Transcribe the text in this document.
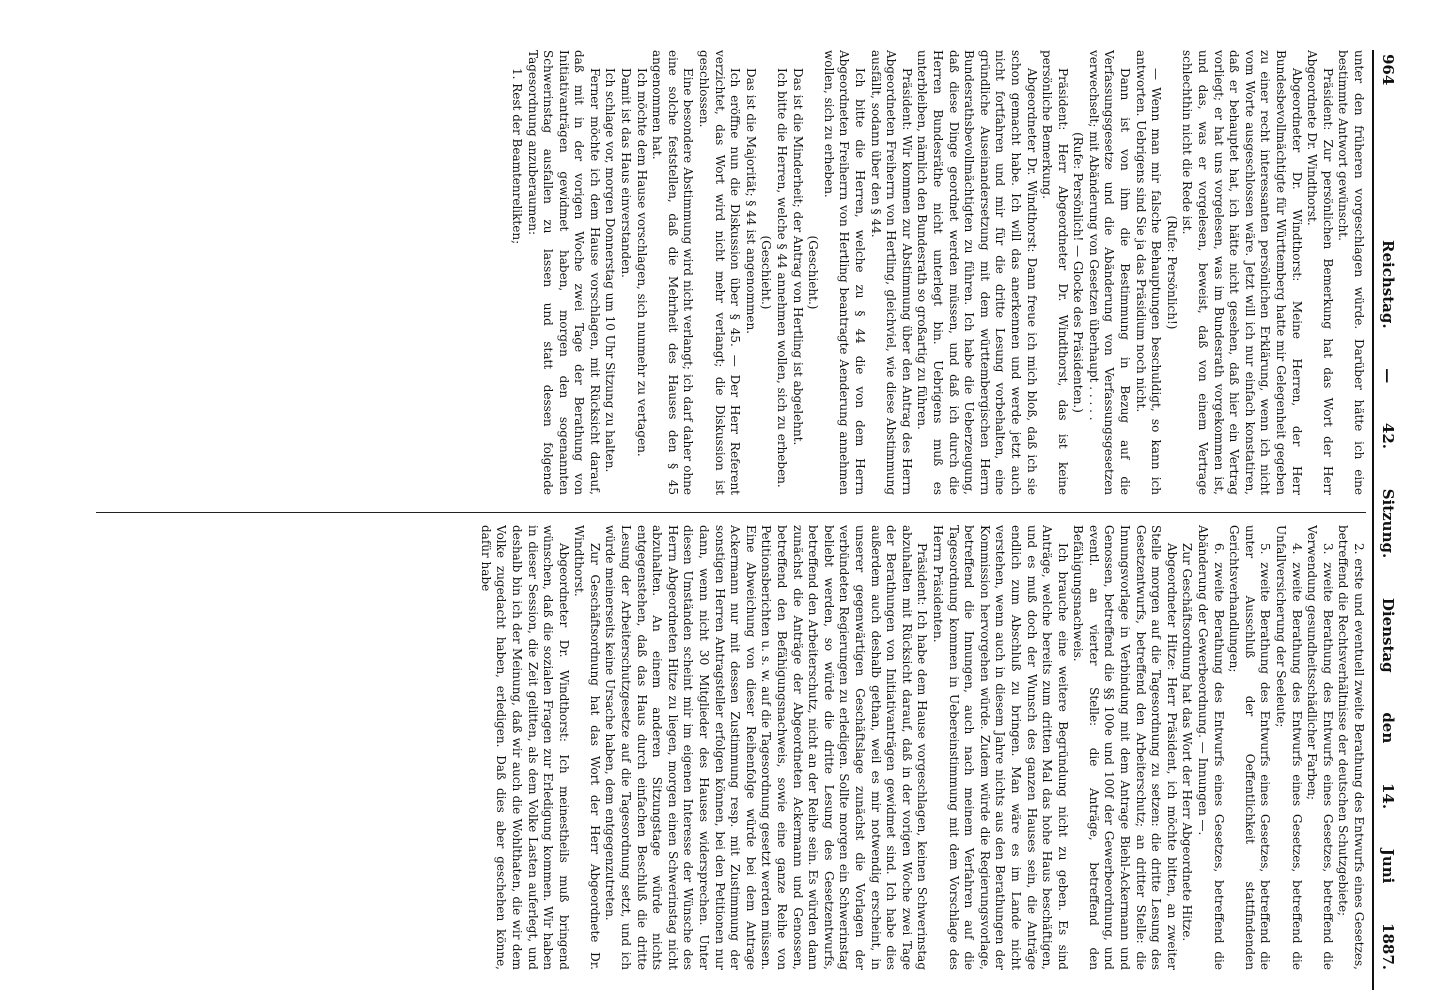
964
Reichstag. — 42. Sitzung. Dienstag den 14. Juni 1887.

unter den früheren vorgeschlagen würde. Darüber hätte ich eine bestimmte Antwort gewünscht.

Präsident: Zur persönlichen Bemerkung hat das Wort der Herr Abgeordnete Dr. Windthorst.

Abgeordneter Dr. Windthorst: Meine Herren, der Herr Bundesbevollmächtigte für Württemberg hatte mir Gelegenheit gegeben zu einer recht interessanten persönlichen Erklärung, wenn ich nicht vom Worte ausgeschlossen wäre. Jetzt will ich nur einfach konstatiren, daß er behauptet hat, ich hätte nicht gesehen, daß hier ein Vertrag vorliegt; er hat uns vorgelesen, was im Bundesrath vorgekommen ist, und das, was er vorgelesen, beweist, daß von einem Vertrage schlechthin nicht die Rede ist.

(Rufe: Persönlich!)

— Wenn man mir falsche Behauptungen beschuldigt, so kann ich antworten. Uebrigens sind Sie ja das Präsidium noch nicht.

Dann ist von ihm die Bestimmung in Bezug auf die Verfassungsgesetze und die Abänderung von Verfassungsgesetzen verwechselt; mit Abänderung von Gesetzen überhaupt . . . . .

(Rufe: Persönlich! — Glocke des Präsidenten.)

Präsident: Herr Abgeordneter Dr. Windthorst, das ist keine persönliche Bemerkung.

Abgeordneter Dr. Windthorst: Dann freue ich mich bloß, daß ich sie schon gemacht habe. Ich will das anerkennen und werde jetzt auch nicht fortfahren und mir für die dritte Lesung vorbehalten, eine gründliche Auseinandersetzung mit dem württembergischen Herrn Bundesrathsbevollmächtigten zu führen. Ich habe die Ueberzeugung, daß diese Dinge geordnet werden müssen, und daß ich durch die Herren Bundesräthe nicht unterlegt bin. Uebrigens muß es unterbleiben, nämlich den Bundesrath so großartig zu führen.

Präsident: Wir kommen zur Abstimmung über den Antrag des Herrn Abgeordneten Freiherrn von Hertling, gleichviel, wie diese Abstimmung ausfällt, sodann über den § 44.

Ich bitte die Herren, welche zu § 44 die von dem Herrn Abgeordneten Freiherrn von Hertling beantragte Aenderung annehmen wollen, sich zu erheben.

(Geschieht.)

Das ist die Minderheit; der Antrag von Hertling ist abgelehnt.

Ich bitte die Herren, welche § 44 annehmen wollen, sich zu erheben.

(Geschieht.)

Das ist die Majorität; § 44 ist angenommen.

Ich eröffne nun die Diskussion über § 45. — Der Herr Referent verzichtet, das Wort wird nicht mehr verlangt; die Diskussion ist geschlossen.

Eine besondere Abstimmung wird nicht verlangt; ich darf daher ohne eine solche feststellen, daß die Mehrheit des Hauses den § 45 angenommen hat.

Ich möchte dem Hause vorschlagen, sich nunmehr zu vertagen.

Damit ist das Haus einverstanden.

Ich schlage vor, morgen Donnerstag um 10 Uhr Sitzung zu halten.

Ferner möchte ich dem Hause vorschlagen, mit Rücksicht darauf, daß mit in der vorigen Woche zwei Tage der Berathung von Initiativanträgen gewidmet haben, morgen den sogenannten Schwerinstag ausfallen zu lassen und statt dessen folgende Tagesordnung anzuberaumen:

1. Rest der Beamtenrelikten;

2. erste und eventuell zweite Berathung des Entwurfs eines Gesetzes, betreffend die Rechtsverhältnisse der deutschen Schutzgebiete;

3. zweite Berathung des Entwurfs eines Gesetzes, betreffend die Verwendung gesundheitsschädlicher Farben;

4. zweite Berathung des Entwurfs eines Gesetzes, betreffend die Unfallversicherung der Seeleute;

5. zweite Berathung des Entwurfs eines Gesetzes, betreffend die unter Ausschluß der Oeffentlichkeit stattfindenden Gerichtsverhandlungen;

6. zweite Berathung des Entwurfs eines Gesetzes, betreffend die Abänderung der Gewerbeordnung. — Innungen —.

Zur Geschäftsordnung hat das Wort der Herr Abgeordnete Hitze.

Abgeordneter Hitze: Herr Präsident, ich möchte bitten, an zweiter Stelle morgen auf die Tagesordnung zu setzen: die dritte Lesung des Gesetzentwurfs, betreffend den Arbeiterschutz; an dritter Stelle: die Innungsvorlage in Verbindung mit dem Antrage Biehl-Ackermann und Genossen, betreffend die §§ 100e und 100f der Gewerbeordnung, und eventl. an vierter Stelle: die Anträge, betreffend den Befähigungsnachweis.

Ich brauche eine weitere Begründung nicht zu geben. Es sind Anträge, welche bereits zum dritten Mal das hohe Haus beschäftigen, und es muß doch der Wunsch des ganzen Hauses sein, die Anträge endlich zum Abschluß zu bringen. Man wäre es im Lande nicht verstehen, wenn auch in diesem Jahre nichts aus den Berathungen der Kommission hervorgehen würde. Zudem würde die Regierungsvorlage, betreffend die Innungen, auch nach meinem Verfahren auf die Tagesordnung kommen in Uebereinstimmung mit dem Vorschlage des Herrn Präsidenten.

Präsident: Ich habe dem Hause vorgeschlagen, keinen Schwerinstag abzuhalten mit Rücksicht darauf, daß in der vorigen Woche zwei Tage der Berathungen von Initiativanträgen gewidmet sind. Ich habe dies außerdem auch deshalb gethan, weil es mir notwendig erscheint, in unserer gegenwärtigen Geschäftslage zunächst die Vorlagen der verbündeten Regierungen zu erledigen. Sollte morgen ein Schwerinstag beliebt werden, so würde die dritte Lesung des Gesetzentwurfs, betreffend den Arbeiterschutz, nicht an der Reihe sein. Es würden dann zunächst die Anträge der Abgeordneten Ackermann und Genossen, betreffend den Befähigungsnachweis, sowie eine ganze Reihe von Petitionsberichten u. s. w. auf die Tagesordnung gesetzt werden müssen. Eine Abweichung von dieser Reihenfolge würde bei dem Antrage Ackermann nur mit dessen Zustimmung resp. mit Zustimmung der sonstigen Herren Antragsteller erfolgen können, bei den Petitionen nur dann, wenn nicht 30 Mitglieder des Hauses widersprechen. Unter diesen Umständen scheint mir im eigenen Interesse der Wünsche des Herrn Abgeordneten Hitze zu liegen, morgen einen Schwerinstag nicht abzuhalten. An einem anderen Sitzungstage würde nichts entgegenstehen, daß das Haus durch einfachen Beschluß die dritte Lesung der Arbeiterschutzgesetze auf die Tagesordnung setzt, und ich würde meinerseits keine Ursache haben, dem entgegenzutreten.

Zur Geschäftsordnung hat das Wort der Herr Abgeordnete Dr. Windthorst.

Abgeordneter Dr. Windthorst: Ich meinestheils muß bringend wünschen, daß die sozialen Fragen zur Erledigung kommen. Wir haben in dieser Session, die Zeit gelitten, als dem Volke Lasten auferlegt, und deshalb bin ich der Meinung, daß wir auch die Wohlthaten, die wir dem Volke zugedacht haben, erledigen. Daß dies aber geschehen könne, dafür habe
